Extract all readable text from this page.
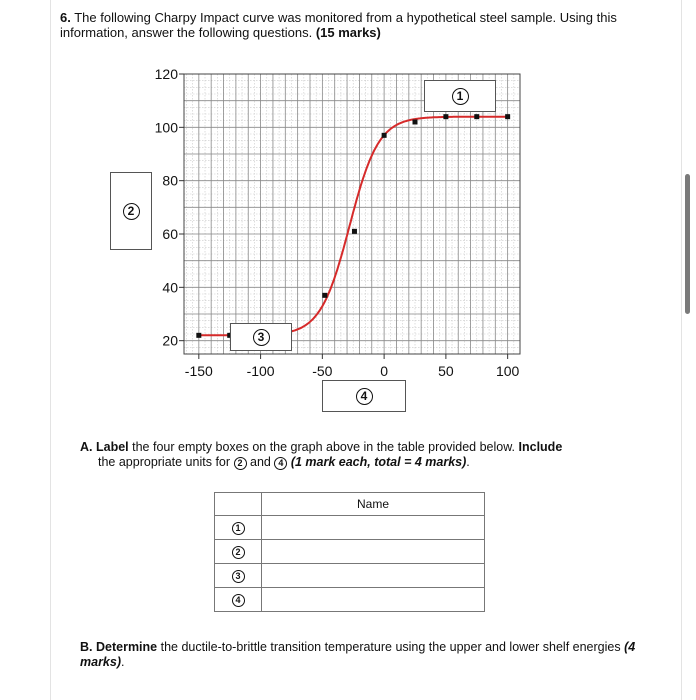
6. The following Charpy Impact curve was monitored from a hypothetical steel sample. Using this information, answer the following questions. (15 marks)
20
40
60
80
100
120
-150 -100	-50	0	50	100
1
2
3
4
A. Label the four empty boxes on the graph above in the table provided below. Include
the appropriate units for 2 and 4 (1 mark each, total = 4 marks).
	Name
1	
2	
3	
4	
B. Determine the ductile-to-brittle transition temperature using the upper and lower shelf energies (4 marks).
